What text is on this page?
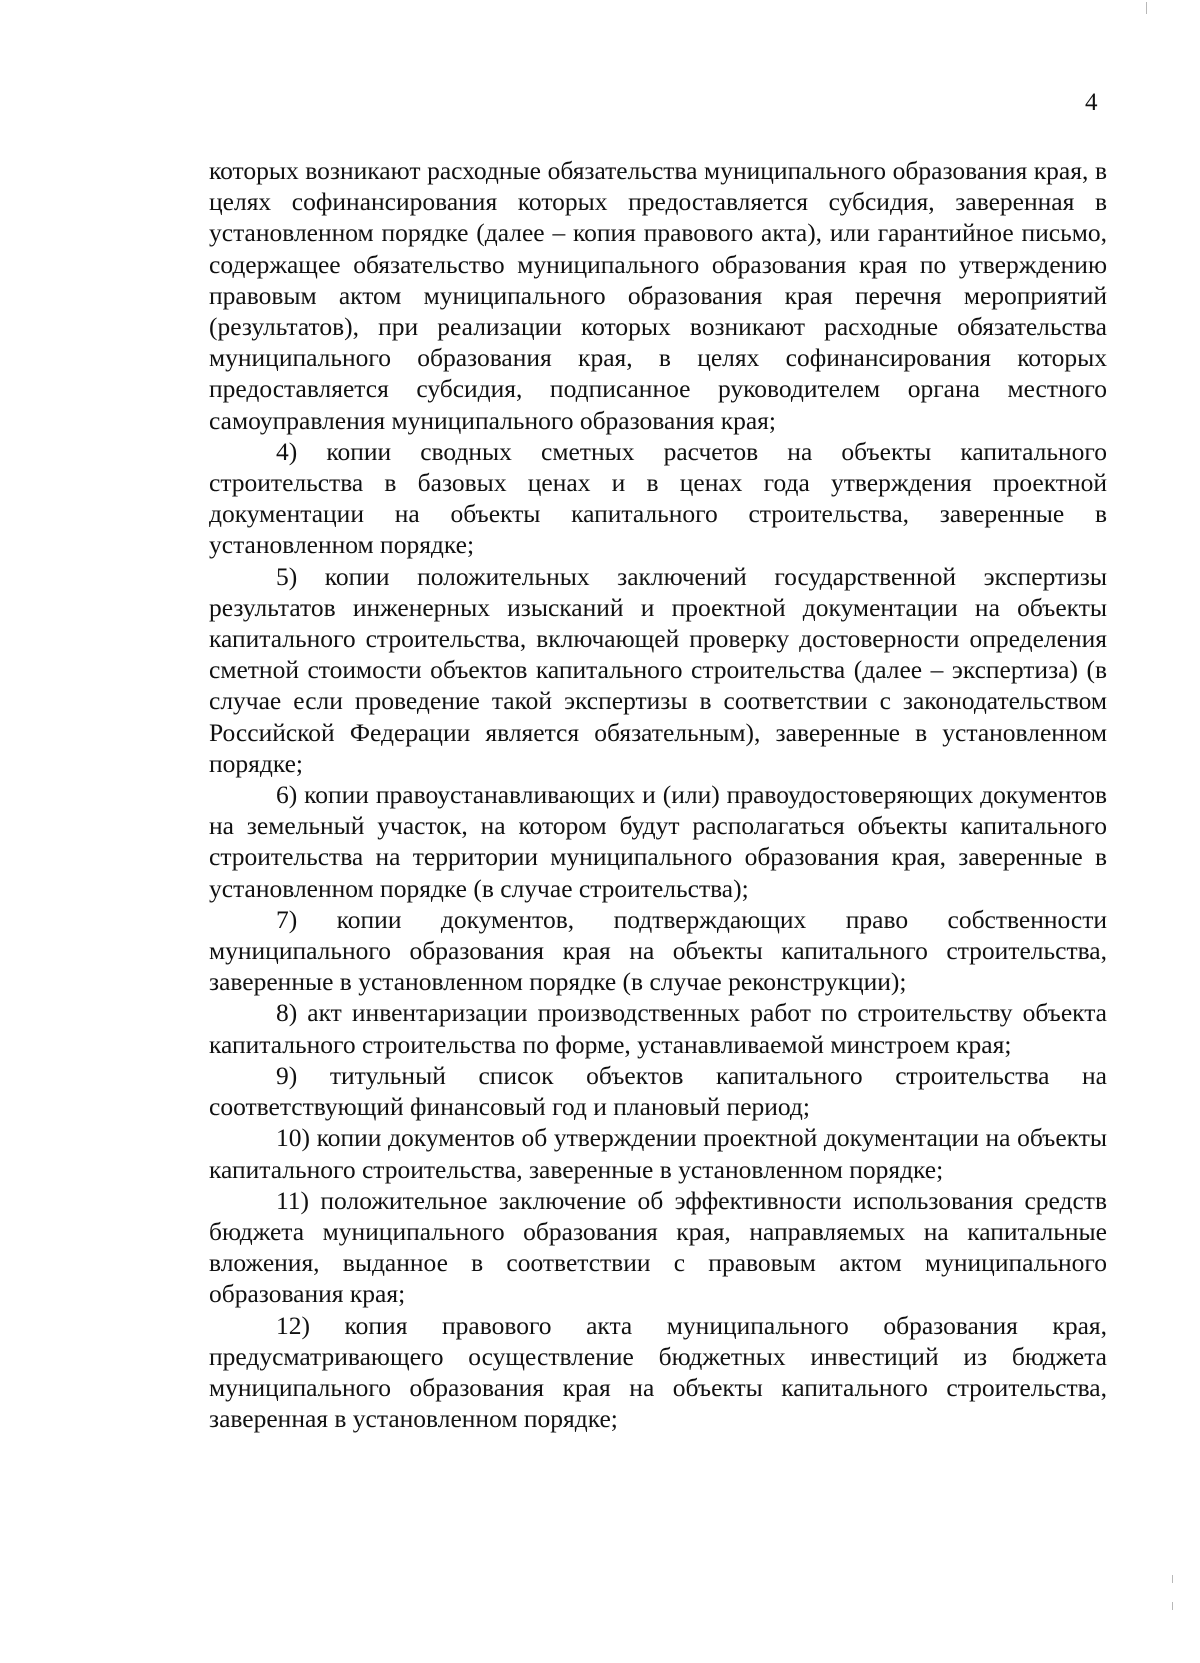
4

которых возникают расходные обязательства муниципального образования края, в целях софинансирования которых предоставляется субсидия, заверенная в установленном порядке (далее – копия правового акта), или гарантийное письмо, содержащее обязательство муниципального образования края по утверждению правовым актом муниципального образования края перечня мероприятий (результатов), при реализации которых возникают расходные обязательства муниципального образования края, в целях софинансирования которых предоставляется субсидия, подписанное руководителем органа местного самоуправления муниципального образования края;

4) копии сводных сметных расчетов на объекты капитального строительства в базовых ценах и в ценах года утверждения проектной документации на объекты капитального строительства, заверенные в установленном порядке;

5) копии положительных заключений государственной экспертизы результатов инженерных изысканий и проектной документации на объекты капитального строительства, включающей проверку достоверности определения сметной стоимости объектов капитального строительства (далее – экспертиза) (в случае если проведение такой экспертизы в соответствии с законодательством Российской Федерации является обязательным), заверенные в установленном порядке;

6) копии правоустанавливающих и (или) правоудостоверяющих документов на земельный участок, на котором будут располагаться объекты капитального строительства на территории муниципального образования края, заверенные в установленном порядке (в случае строительства);

7) копии документов, подтверждающих право собственности муниципального образования края на объекты капитального строительства, заверенные в установленном порядке (в случае реконструкции);

8) акт инвентаризации производственных работ по строительству объекта капитального строительства по форме, устанавливаемой минстроем края;

9) титульный список объектов капитального строительства на соответствующий финансовый год и плановый период;

10) копии документов об утверждении проектной документации на объекты капитального строительства, заверенные в установленном порядке;

11) положительное заключение об эффективности использования средств бюджета муниципального образования края, направляемых на капитальные вложения, выданное в соответствии с правовым актом муниципального образования края;

12) копия правового акта муниципального образования края, предусматривающего осуществление бюджетных инвестиций из бюджета муниципального образования края на объекты капитального строительства, заверенная в установленном порядке;
